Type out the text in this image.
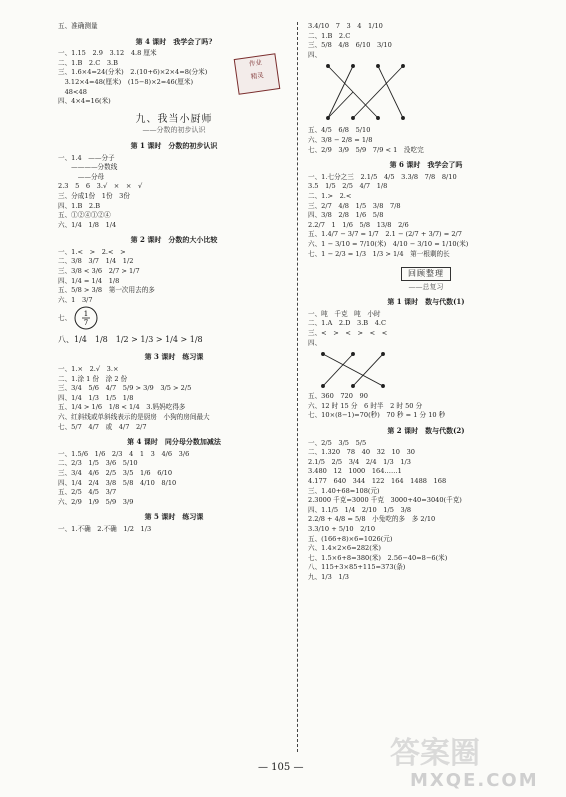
作业
精灵
五、准确测量
第 4 课时　我学会了吗?
一、1.15　2.9　3.12　4.8 厘米
二、1.B　2.C　3.B
三、1.6×4=24(分米)　2.(10+6)×2×4=8(分米)
　3.12×4=48(厘米)　(15−8)×2=46(厘米)
　48<48
四、4×4=16(米)
九、我当小厨师
——分数的初步认识
第 1 课时　分数的初步认识
一、1.4　——分子
　　————分数线
　　　——分母
2.3　5　6　3.√　×　×　√
三、分成1份　1份　3份
四、1.B　2.B
五、①②④①②④
六、1/4　1/8　1/4
第 2 课时　分数的大小比较
一、1.<　>　2.<　>
二、3/8　3/7　1/4　1/2
三、3/8 < 3/6　2/7 > 1/7
四、1/4 = 1/4　1/8
五、5/8 > 3/8　第一次用去的多
六、1　3/7
七、 1
7
八、1/4　1/8　1/2 > 1/3 > 1/4 > 1/8
第 3 课时　练习课
一、1.×　2.√　3.×
二、1.涂 1 份　涂 2 份
三、3/4　5/6　4/7　5/9 > 3/9　3/5 > 2/5
四、1/4　1/3　1/5　1/8
五、1/4 > 1/6　1/8 < 1/4　3.妈妈吃得多
六、红斜线或单斜线表示的是厨房　小狗的房间最大
七、5/7　4/7　或　4/7　2/7
第 4 课时　同分母分数加减法
一、1.5/6　1/6　2/3　4　1　3　4/6　3/6
二、2/3　1/5　3/6　5/10
三、3/4　4/6　2/5　3/5　1/6　6/10
四、1/4　2/4　3/8　5/8　4/10　8/10
五、2/5　4/5　3/7
六、2/9　1/9　5/9　3/9
第 5 课时　练习课
一、1.不确　2.不确　1/2　1/3
3.4/10　7　3　4　1/10
二、1.B　2.C
三、5/8　4/8　6/10　3/10
四、
五、4/5　6/8　5/10
六、3/8 − 2/8 = 1/8
七、2/9　3/9　5/9　7/9 < 1　没吃完
第 6 课时　我学会了吗
一、1.七分之三　2.1/5　4/5　3.3/8　7/8　8/10
3.5　1/5　2/5　4/7　1/8
二、1.>　2.<
三、2/7　4/8　1/5　3/8　7/8
四、3/8　2/8　1/6　5/8
2.2/7　1　1/6　5/8　13/8　2/6
五、1.4/7 − 3/7 = 1/7　2.1 − (2/7 + 3/7) = 2/7
六、1 − 3/10 = 7/10(米)　4/10 − 3/10 = 1/10(米)
七、1 − 2/3 = 1/3　1/3 > 1/4　第一根剩的长
回顾整理
——总复习
第 1 课时　数与代数(1)
一、吨　千克　吨　小时
二、1.A　2.D　3.B　4.C
三、<　>　<　>　<　<
四、
五、360　720　90
六、12 时 15 分　6 时半　2 时 50 分
七、10×(8−1)=70(秒)　70 秒 = 1 分 10 秒
第 2 课时　数与代数(2)
一、2/5　3/5　5/5
二、1.320　78　40　32　10　30
2.1/5　2/5　3/4　2/4　1/3　1/3
3.480　12　1000　164……1
4.177　640　344　122　164　1488　168
三、1.40+68=108(元)
2.3000 千克=3000 千克　3000+40=3040(千克)
四、1.1/5　1/4　2/10　1/5　3/8
2.2/8 + 4/8 = 5/8　小兔吃的多　多 2/10
3.3/10 + 5/10　2/10
五、(166+8)×6=1026(元)
六、1.4×2×6=282(米)
七、1.5×6+8=380(米)　2.56−40=8−6(米)
八、115+3×85+115=373(条)
九、1/3　1/3
— 105 —	答案圈
MXQE.COM
